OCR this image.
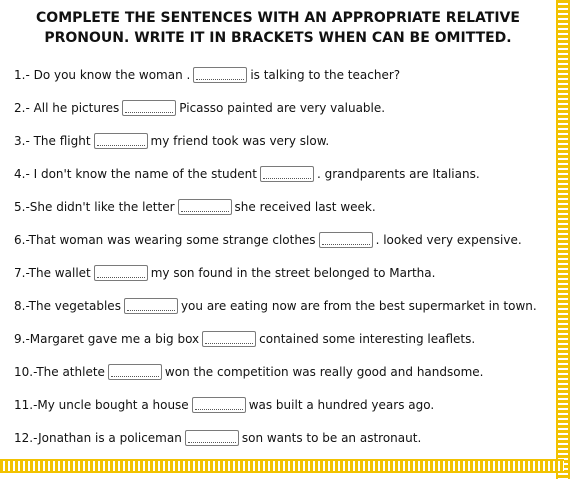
COMPLETE THE SENTENCES WITH AN APPROPRIATE RELATIVE
PRONOUN. WRITE IT IN BRACKETS WHEN CAN BE OMITTED.
1.- Do you know the woman .	is talking to the teacher?
2.- All he pictures	Picasso painted are very valuable.
3.- The flight	my friend took was very slow.
4.- I don't know the name of the student	. grandparents are Italians.
5.-She didn't like the letter	she received last week.
6.-That woman was wearing some strange clothes	. looked very expensive.
7.-The wallet	my son found in the street belonged to Martha.
8.-The vegetables	you are eating now are from the best supermarket in town.
9.-Margaret gave me a big box	contained some interesting leaflets.
10.-The athlete	won the competition was really good and handsome.
11.-My uncle bought a house	was built a hundred years ago.
12.-Jonathan is a policeman	son wants to be an astronaut.
